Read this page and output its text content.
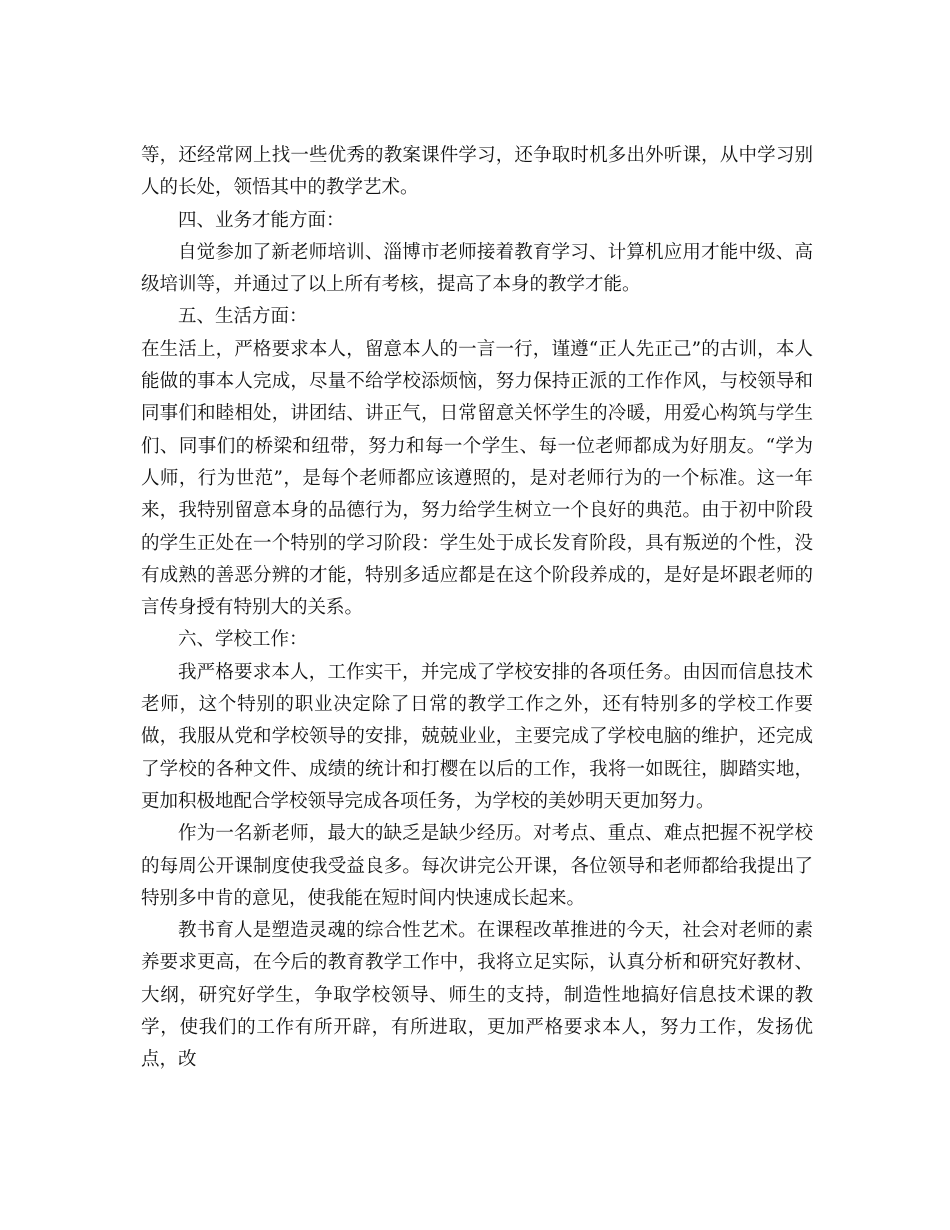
等，还经常网上找一些优秀的教案课件学习，还争取时机多出外听课，从中学习别人的长处，领悟其中的教学艺术。

四、业务才能方面：

自觉参加了新老师培训、淄博市老师接着教育学习、计算机应用才能中级、高级培训等，并通过了以上所有考核，提高了本身的教学才能。

五、生活方面：

在生活上，严格要求本人，留意本人的一言一行，谨遵“正人先正己”的古训，本人能做的事本人完成，尽量不给学校添烦恼，努力保持正派的工作作风，与校领导和同事们和睦相处，讲团结、讲正气，日常留意关怀学生的冷暖，用爱心构筑与学生们、同事们的桥梁和纽带，努力和每一个学生、每一位老师都成为好朋友。“学为人师，行为世范”，是每个老师都应该遵照的，是对老师行为的一个标准。这一年来，我特别留意本身的品德行为，努力给学生树立一个良好的典范。由于初中阶段的学生正处在一个特别的学习阶段：学生处于成长发育阶段，具有叛逆的个性，没有成熟的善恶分辨的才能，特别多适应都是在这个阶段养成的，是好是坏跟老师的言传身授有特别大的关系。

六、学校工作：

我严格要求本人，工作实干，并完成了学校安排的各项任务。由因而信息技术老师，这个特别的职业决定除了日常的教学工作之外，还有特别多的学校工作要做，我服从党和学校领导的安排，兢兢业业，主要完成了学校电脑的维护，还完成了学校的各种文件、成绩的统计和打樱在以后的工作，我将一如既往，脚踏实地，更加积极地配合学校领导完成各项任务，为学校的美妙明天更加努力。

作为一名新老师，最大的缺乏是缺少经历。对考点、重点、难点把握不祝学校的每周公开课制度使我受益良多。每次讲完公开课，各位领导和老师都给我提出了特别多中肯的意见，使我能在短时间内快速成长起来。

教书育人是塑造灵魂的综合性艺术。在课程改革推进的今天，社会对老师的素养要求更高，在今后的教育教学工作中，我将立足实际，认真分析和研究好教材、大纲，研究好学生，争取学校领导、师生的支持，制造性地搞好信息技术课的教学，使我们的工作有所开辟，有所进取，更加严格要求本人，努力工作，发扬优点，改
